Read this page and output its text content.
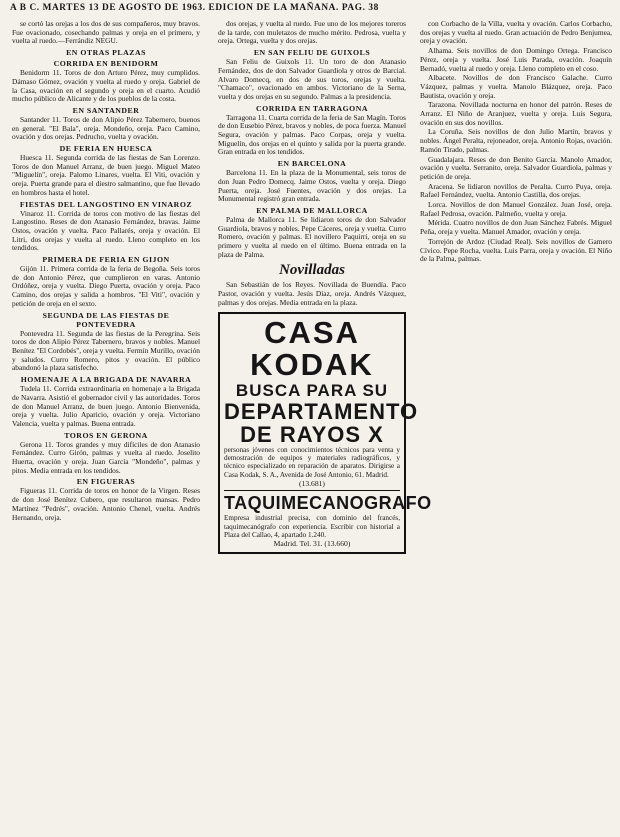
A B C. MARTES 13 DE AGOSTO DE 1963. EDICION DE LA MAÑANA. PAG. 38
se cortó las orejas a los dos de sus compañeros, muy bravos. Fue ovacionado, cosechando palmas y oreja en el primero, y vuelta al ruedo.—Ferrándiz NEGU.
EN OTRAS PLAZAS
CORRIDA EN BENIDORM
Benidorm 11. Toros de don Arturo Pérez, muy cumplidos. Dámaso Gómez, ovación y vuelta al ruedo y oreja. Gabriel de la Casa, ovación en el segundo y oreja en el cuarto. Acudió mucho público de Alicante y de los pueblos de la costa.
EN SANTANDER
Santander 11. Toros de don Alipio Pérez Tabernero, buenos en general. "El Bala", oreja. Mondeño, oreja. Paco Camino, ovación y dos orejas. Pedrucho, vuelta y ovación.
DE FERIA EN HUESCA
Huesca 11. Segunda corrida de las fiestas de San Lorenzo. Toros de don Manuel Arranz, de buen juego. Miguel Mateo "Miguelín", oreja. Palomo Linares, vuelta. El Viti, ovación y oreja. Puerta grande para el diestro salmantino, que fue llevado en hombros hasta el hotel.
FIESTAS DEL LANGOSTINO EN VINAROZ
Vinaroz 11. Corrida de toros con motivo de las fiestas del Langostino. Reses de don Atanasio Fernández, bravas. Jaime Ostos, ovación y vuelta. Paco Pallarés, oreja y ovación. El Litri, dos orejas y vuelta al ruedo. Lleno completo en los tendidos.
PRIMERA DE FERIA EN GIJON
Gijón 11. Primera corrida de la feria de Begoña. Seis toros de don Antonio Pérez, que cumplieron en varas. Antonio Ordóñez, oreja y vuelta. Diego Puerta, ovación y oreja. Paco Camino, dos orejas y salida a hombros. "El Viti", ovación y petición de oreja en el sexto.
SEGUNDA DE LAS FIESTAS DE PONTEVEDRA
Pontevedra 11. Segunda de las fiestas de la Peregrina. Seis toros de don Alipio Pérez Tabernero, bravos y nobles. Manuel Benítez "El Cordobés", oreja y vuelta. Fermín Murillo, ovación y saludos. Curro Romero, pitos y ovación. El público abandonó la plaza satisfecho.
HOMENAJE A LA BRIGADA DE NAVARRA
Tudela 11. Corrida extraordinaria en homenaje a la Brigada de Navarra. Asistió el gobernador civil y las autoridades. Toros de don Manuel Arranz, de buen juego. Antonio Bienvenida, oreja y vuelta. Julio Aparicio, ovación y oreja. Victoriano Valencia, vuelta y palmas. Buena entrada.
TOROS EN GERONA
Gerona 11. Toros grandes y muy difíciles de don Atanasio Fernández. Curro Girón, palmas y vuelta al ruedo. Joselito Huerta, ovación y oreja. Juan García "Mondeño", palmas y pitos. Media entrada en los tendidos.
EN FIGUERAS
Figueras 11. Corrida de toros en honor de la Virgen. Reses de don José Benítez Cubero, que resultaron mansas. Pedro Martínez "Pedrés", ovación. Antonio Chenel, vuelta. Andrés Hernando, oreja.
dos orejas, y vuelta al ruedo. Fue uno de los mejores toreros de la tarde, con muletazos de mucho mérito. Pedrosa, vuelta y oreja. Ortega, vuelta y dos orejas.
EN SAN FELIU DE GUIXOLS
San Feliu de Guixols 11. Un toro de don Atanasio Fernández, dos de don Salvador Guardiola y otros de Barcial. Alvaro Domecq, en dos de sus toros, orejas y vuelta. "Chamaco", ovacionado en ambos. Victoriano de la Serna, vuelta y dos orejas en su segundo. Palmas a la presidencia.
CORRIDA EN TARRAGONA
Tarragona 11. Cuarta corrida de la feria de San Magín. Toros de don Eusebio Pérez, bravos y nobles, de poca fuerza. Manuel Segura, ovación y palmas. Paco Corpas, oreja y vuelta. Miguelín, dos orejas en el quinto y salida por la puerta grande. Gran entrada en los tendidos.
EN BARCELONA
Barcelona 11. En la plaza de la Monumental, seis toros de don Juan Pedro Domecq. Jaime Ostos, vuelta y oreja. Diego Puerta, oreja. José Fuentes, ovación y dos orejas. La Monumental registró gran entrada.
EN PALMA DE MALLORCA
Palma de Mallorca 11. Se lidiaron toros de don Salvador Guardiola, bravos y nobles. Pepe Cáceres, oreja y vuelta. Curro Romero, ovación y palmas. El novillero Paquirri, oreja en su primero y vuelta al ruedo en el último. Buena entrada en la plaza de Palma.
Novilladas
San Sebastián de los Reyes. Novillada de Buendía. Paco Pastor, ovación y vuelta. Jesús Díaz, oreja. Andrés Vázquez, palmas y dos orejas. Media entrada en la plaza.
CASA KODAK
BUSCA PARA SU
DEPARTAMENTO
DE RAYOS X
personas jóvenes con conocimientos técnicos para venta y demostración de equipos y materiales radiográficos, y técnico especializado en reparación de aparatos. Dirigirse a Casa Kodak, S. A., Avenida de José Antonio, 61. Madrid.
(13.681)
TAQUIMECANOGRAFO
Empresa industrial precisa, con dominio del francés, taquimecanógrafo con experiencia. Escribir con historial a Plaza del Callao, 4, apartado 1.240.
Madrid. Tel. 31. (13.660)
con Corbacho de la Villa, vuelta y ovación. Carlos Corbacho, dos orejas y vuelta al ruedo. Gran actuación de Pedro Benjumea, oreja y ovación.
Alhama. Seis novillos de don Domingo Ortega. Francisco Pérez, oreja y vuelta. José Luis Parada, ovación. Joaquín Bernadó, vuelta al ruedo y oreja. Lleno completo en el coso.
Albacete. Novillos de don Francisco Galache. Curro Vázquez, palmas y vuelta. Manolo Blázquez, oreja. Paco Bautista, ovación y oreja.
Tarazona. Novillada nocturna en honor del patrón. Reses de Arranz. El Niño de Aranjuez, vuelta y oreja. Luis Segura, ovación en sus dos novillos.
La Coruña. Seis novillos de don Julio Martín, bravos y nobles. Ángel Peralta, rejoneador, oreja. Antonio Rojas, ovación. Ramón Tirado, palmas.
Guadalajara. Reses de don Benito García. Manolo Amador, ovación y vuelta. Serranito, oreja. Salvador Guardiola, palmas y petición de oreja.
Aracena. Se lidiaron novillos de Peralta. Curro Puya, oreja. Rafael Fernández, vuelta. Antonio Castilla, dos orejas.
Lorca. Novillos de don Manuel González. Juan José, oreja. Rafael Pedrosa, ovación. Palmeño, vuelta y oreja.
Mérida. Cuatro novillos de don Juan Sánchez Fabrés. Miguel Peña, oreja y vuelta. Manuel Amador, ovación y oreja.
Torrejón de Ardoz (Ciudad Real). Seis novillos de Gamero Cívico. Pepe Rocha, vuelta. Luis Parra, oreja y ovación. El Niño de la Palma, palmas.
